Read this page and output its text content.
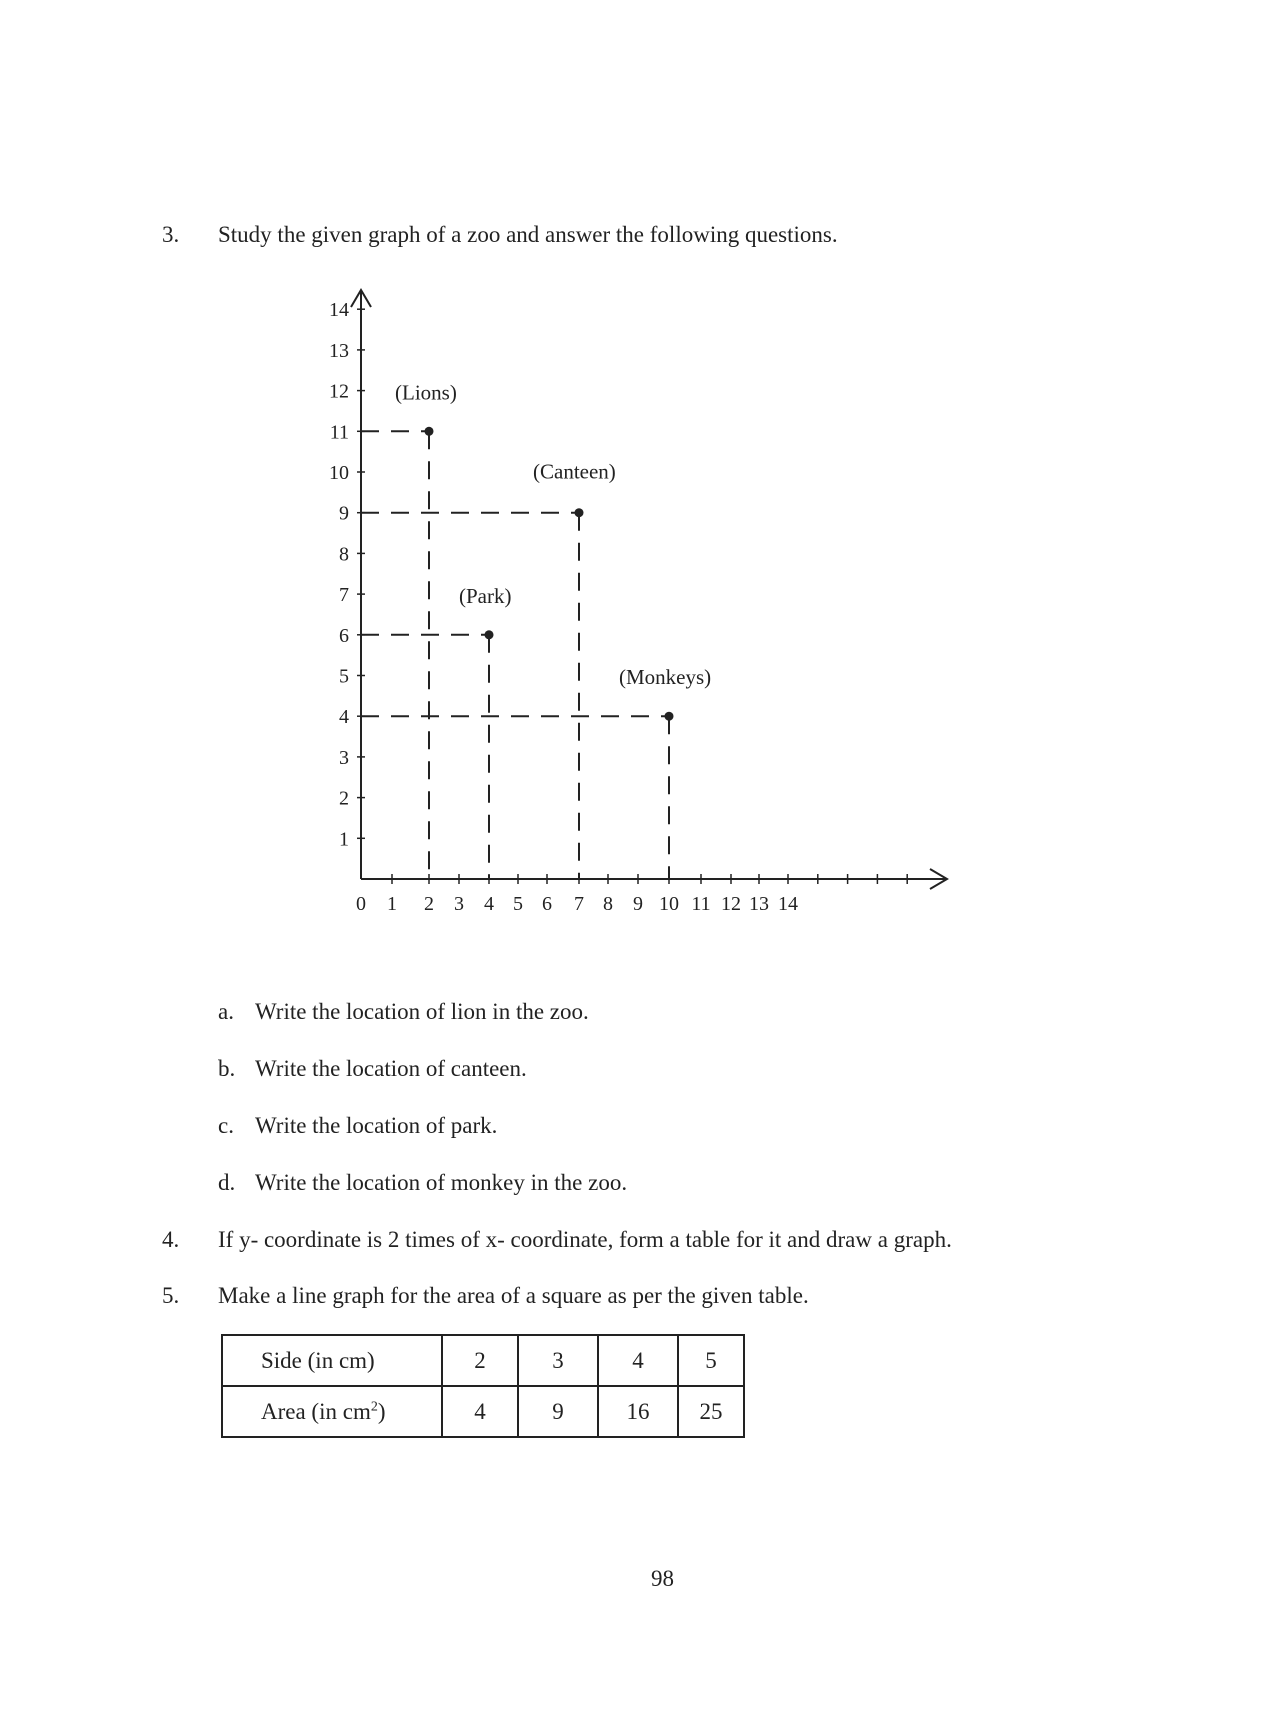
3. Study the given graph of a zoo and answer the following questions.
0 1 2 3 4 5 6 7 8 9 10 11 12 13 14
1
2
3
4
5
6
7
8
9
10
11
12
13
14
(Lions)
(Canteen)
(Park)
(Monkeys)
a. Write the location of lion in the zoo.
b. Write the location of canteen.
c. Write the location of park.
d. Write the location of monkey in the zoo.
4. If y- coordinate is 2 times of x- coordinate, form a table for it and draw a graph.
5. Make a line graph for the area of a square as per the given table.
Side (in cm)	2	3	4	5
Area (in $cm^2$)	4	9	16	25
98
